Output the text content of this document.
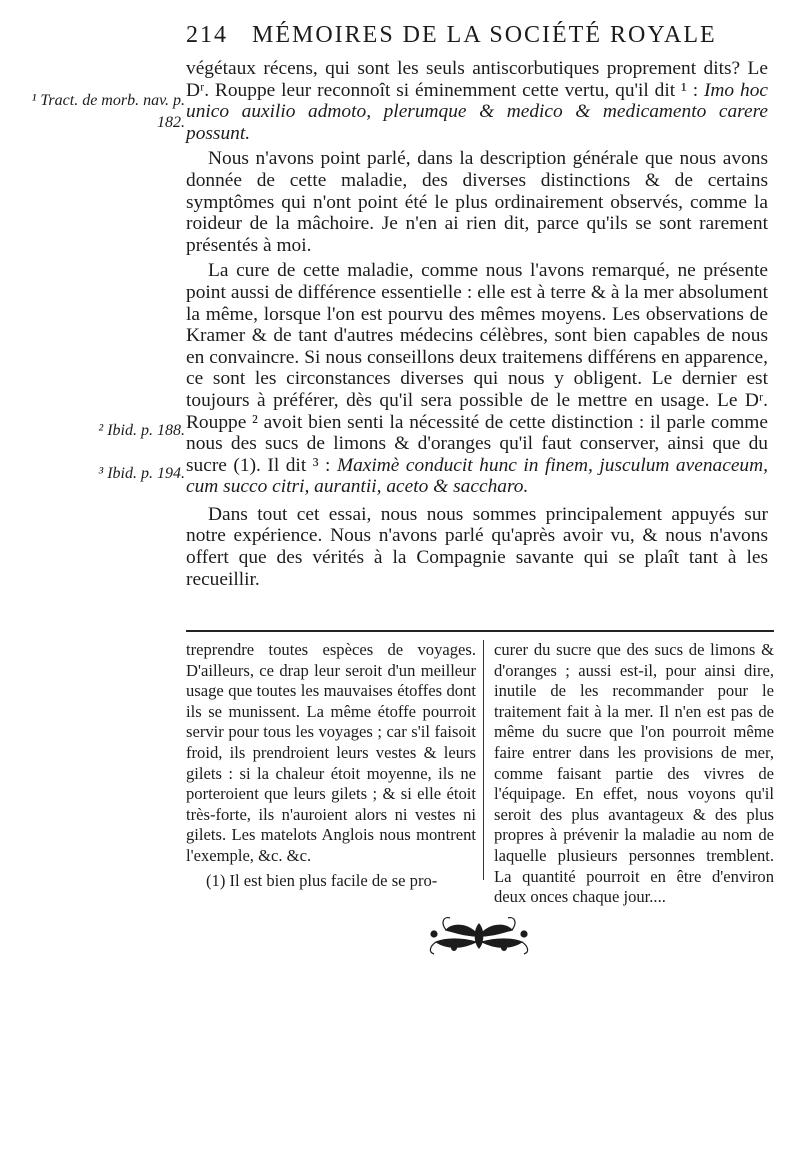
214 MÉMOIRES DE LA SOCIÉTÉ ROYALE
¹ Tract. de morb. nav. p. 182.
² Ibid. p. 188.
³ Ibid. p. 194.

végétaux récens, qui sont les seuls antiscorbutiques proprement dits? Le Dʳ. Rouppe leur reconnoît si éminemment cette vertu, qu'il dit ¹ : Imo hoc unico auxilio admoto, plerumque & medico & medicamento carere possunt.

Nous n'avons point parlé, dans la description générale que nous avons donnée de cette maladie, des diverses distinctions & de certains symptômes qui n'ont point été le plus ordinairement observés, comme la roideur de la mâchoire. Je n'en ai rien dit, parce qu'ils se sont rarement présentés à moi.

La cure de cette maladie, comme nous l'avons remarqué, ne présente point aussi de différence essentielle : elle est à terre & à la mer absolument la même, lorsque l'on est pourvu des mêmes moyens. Les observations de Kramer & de tant d'autres médecins célèbres, sont bien capables de nous en convaincre. Si nous conseillons deux traitemens différens en apparence, ce sont les circonstances diverses qui nous y obligent. Le dernier est toujours à préférer, dès qu'il sera possible de le mettre en usage. Le Dʳ. Rouppe ² avoit bien senti la nécessité de cette distinction : il parle comme nous des sucs de limons & d'oranges qu'il faut conserver, ainsi que du sucre (1). Il dit ³ : Maximè conducit hunc in finem, jusculum avenaceum, cum succo citri, aurantii, aceto & saccharo.

Dans tout cet essai, nous nous sommes principalement appuyés sur notre expérience. Nous n'avons parlé qu'après avoir vu, & nous n'avons offert que des vérités à la Compagnie savante qui se plaît tant à les recueillir.

treprendre toutes espèces de voyages. D'ailleurs, ce drap leur seroit d'un meilleur usage que toutes les mauvaises étoffes dont ils se munissent. La même étoffe pourroit servir pour tous les voyages ; car s'il faisoit froid, ils prendroient leurs vestes & leurs gilets : si la chaleur étoit moyenne, ils ne porteroient que leurs gilets ; & si elle étoit très-forte, ils n'auroient alors ni vestes ni gilets. Les matelots Anglois nous montrent l'exemple, &c. &c.

(1) Il est bien plus facile de se pro-

curer du sucre que des sucs de limons & d'oranges ; aussi est-il, pour ainsi dire, inutile de les recommander pour le traitement fait à la mer. Il n'en est pas de même du sucre que l'on pourroit même faire entrer dans les provisions de mer, comme faisant partie des vivres de l'équipage. En effet, nous voyons qu'il seroit des plus avantageux & des plus propres à prévenir la maladie au nom de laquelle plusieurs personnes tremblent. La quantité pourroit en être d'environ deux onces chaque jour....
